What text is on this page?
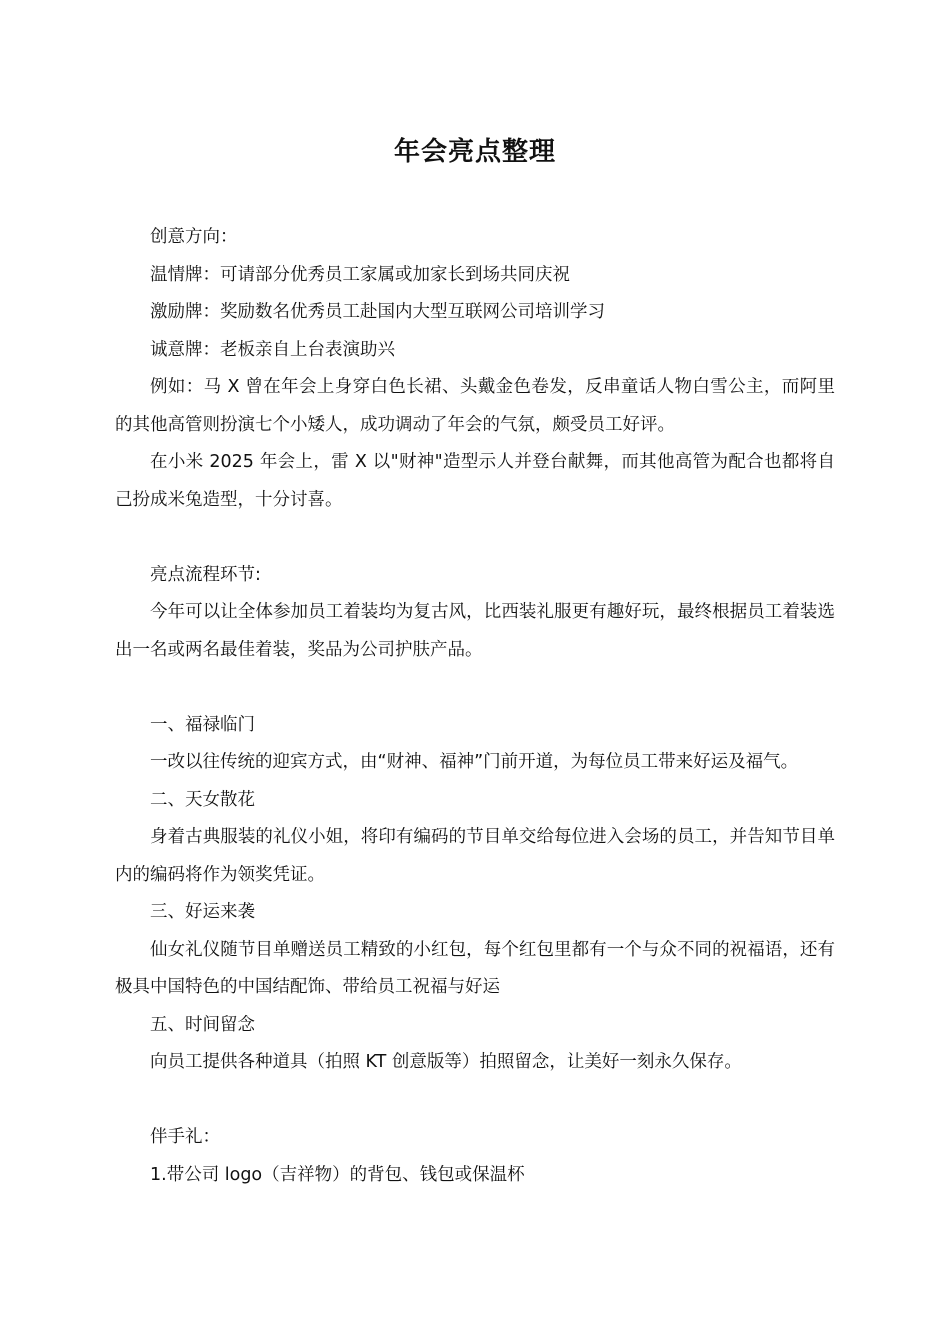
年会亮点整理

创意方向：

温情牌：可请部分优秀员工家属或加家长到场共同庆祝

激励牌：奖励数名优秀员工赴国内大型互联网公司培训学习

诚意牌：老板亲自上台表演助兴

例如：马 X 曾在年会上身穿白色长裙、头戴金色卷发，反串童话人物白雪公主，而阿里的其他高管则扮演七个小矮人，成功调动了年会的气氛，颇受员工好评。

在小米 2025 年会上，雷 X 以"财神"造型示人并登台献舞，而其他高管为配合也都将自己扮成米兔造型，十分讨喜。

亮点流程环节:

今年可以让全体参加员工着装均为复古风，比西装礼服更有趣好玩，最终根据员工着装选出一名或两名最佳着装，奖品为公司护肤产品。

一、福禄临门

一改以往传统的迎宾方式，由“财神、福神”门前开道，为每位员工带来好运及福气。

二、天女散花

身着古典服装的礼仪小姐，将印有编码的节目单交给每位进入会场的员工，并告知节目单内的编码将作为领奖凭证。

三、好运来袭

仙女礼仪随节目单赠送员工精致的小红包，每个红包里都有一个与众不同的祝福语，还有极具中国特色的中国结配饰、带给员工祝福与好运

五、时间留念

向员工提供各种道具（拍照 KT 创意版等）拍照留念，让美好一刻永久保存。

伴手礼：

1.带公司 logo（吉祥物）的背包、钱包或保温杯
